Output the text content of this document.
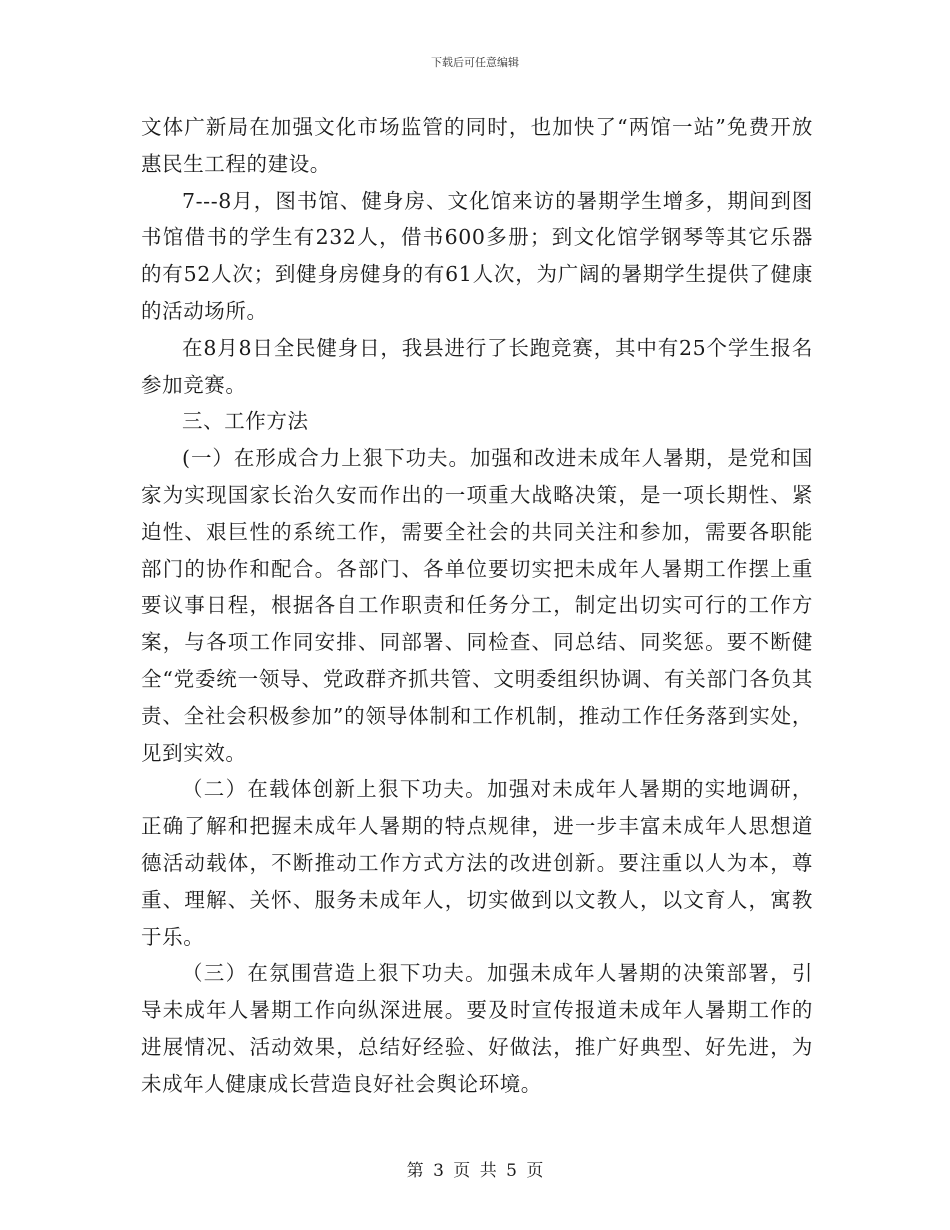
下载后可任意编辑

文体广新局在加强文化市场监管的同时，也加快了“两馆一站”免费开放惠民生工程的建设。

7---8月，图书馆、健身房、文化馆来访的暑期学生增多，期间到图书馆借书的学生有232人，借书600多册；到文化馆学钢琴等其它乐器的有52人次；到健身房健身的有61人次，为广阔的暑期学生提供了健康的活动场所。

在8月8日全民健身日，我县进行了长跑竞赛，其中有25个学生报名参加竞赛。

三、工作方法

(一）在形成合力上狠下功夫。加强和改进未成年人暑期，是党和国家为实现国家长治久安而作出的一项重大战略决策，是一项长期性、紧迫性、艰巨性的系统工作，需要全社会的共同关注和参加，需要各职能部门的协作和配合。各部门、各单位要切实把未成年人暑期工作摆上重要议事日程，根据各自工作职责和任务分工，制定出切实可行的工作方案，与各项工作同安排、同部署、同检查、同总结、同奖惩。要不断健全“党委统一领导、党政群齐抓共管、文明委组织协调、有关部门各负其责、全社会积极参加”的领导体制和工作机制，推动工作任务落到实处，见到实效。

（二）在载体创新上狠下功夫。加强对未成年人暑期的实地调研，正确了解和把握未成年人暑期的特点规律，进一步丰富未成年人思想道德活动载体，不断推动工作方式方法的改进创新。要注重以人为本，尊重、理解、关怀、服务未成年人，切实做到以文教人，以文育人，寓教于乐。

（三）在氛围营造上狠下功夫。加强未成年人暑期的决策部署，引导未成年人暑期工作向纵深进展。要及时宣传报道未成年人暑期工作的进展情况、活动效果，总结好经验、好做法，推广好典型、好先进，为未成年人健康成长营造良好社会舆论环境。

第 3 页 共 5 页
